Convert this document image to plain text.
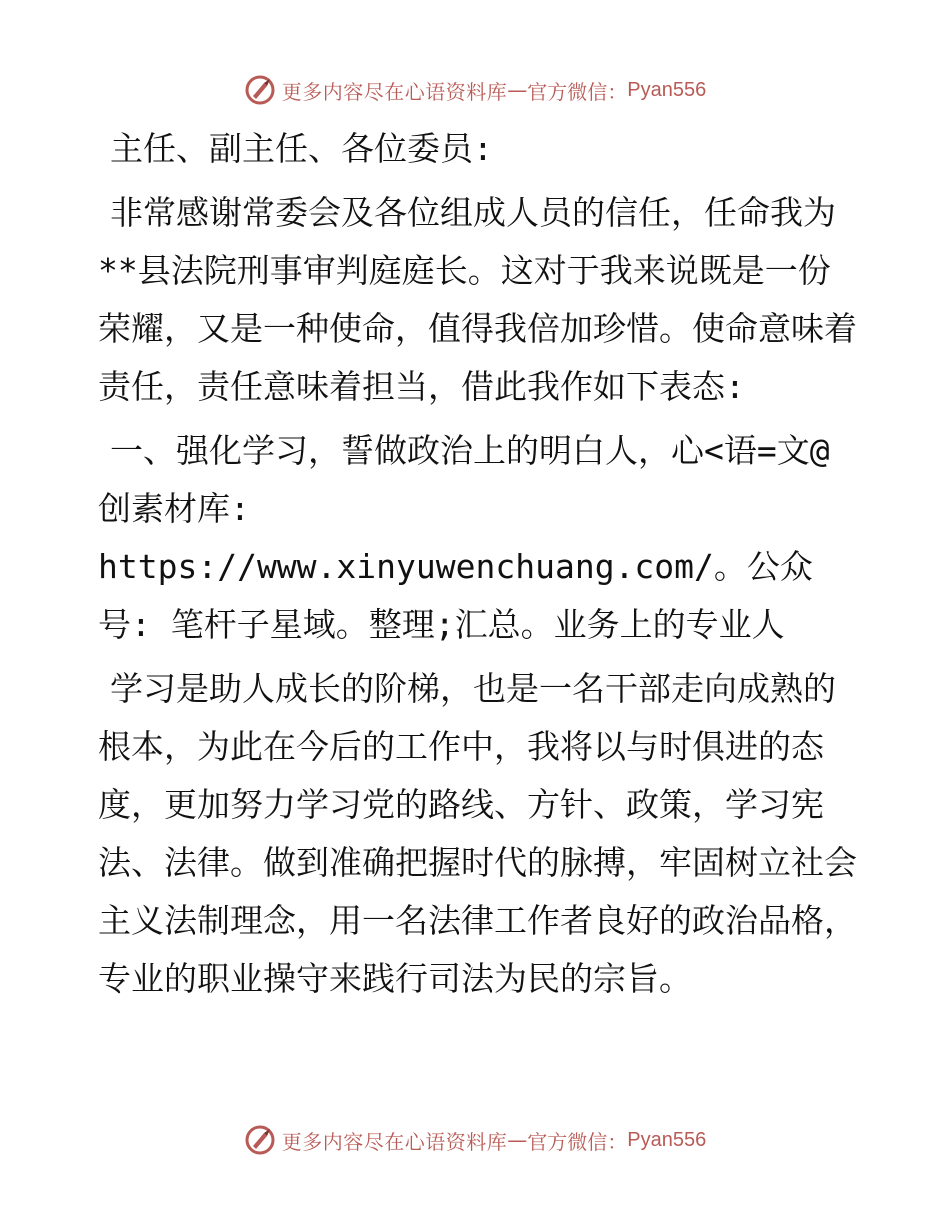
更多内容尽在心语资料库 — 官方微信： Pyan556

主任、副主任、各位委员:

非常感谢常委会及各位组成人员的信任，任命我为**县法院刑事审判庭庭长。这对于我来说既是一份荣耀，又是一种使命，值得我倍加珍惜。使命意味着责任，责任意味着担当，借此我作如下表态:

一、强化学习，誓做政治上的明白人，心<语=文@创素材库: https://www.xinyuwenchuang.com/。公众号: 笔杆子星域。整理;汇总。业务上的专业人

学习是助人成长的阶梯，也是一名干部走向成熟的根本，为此在今后的工作中，我将以与时俱进的态度，更加努力学习党的路线、方针、政策，学习宪法、法律。做到准确把握时代的脉搏，牢固树立社会主义法制理念，用一名法律工作者良好的政治品格，专业的职业操守来践行司法为民的宗旨。

更多内容尽在心语资料库 — 官方微信： Pyan556
